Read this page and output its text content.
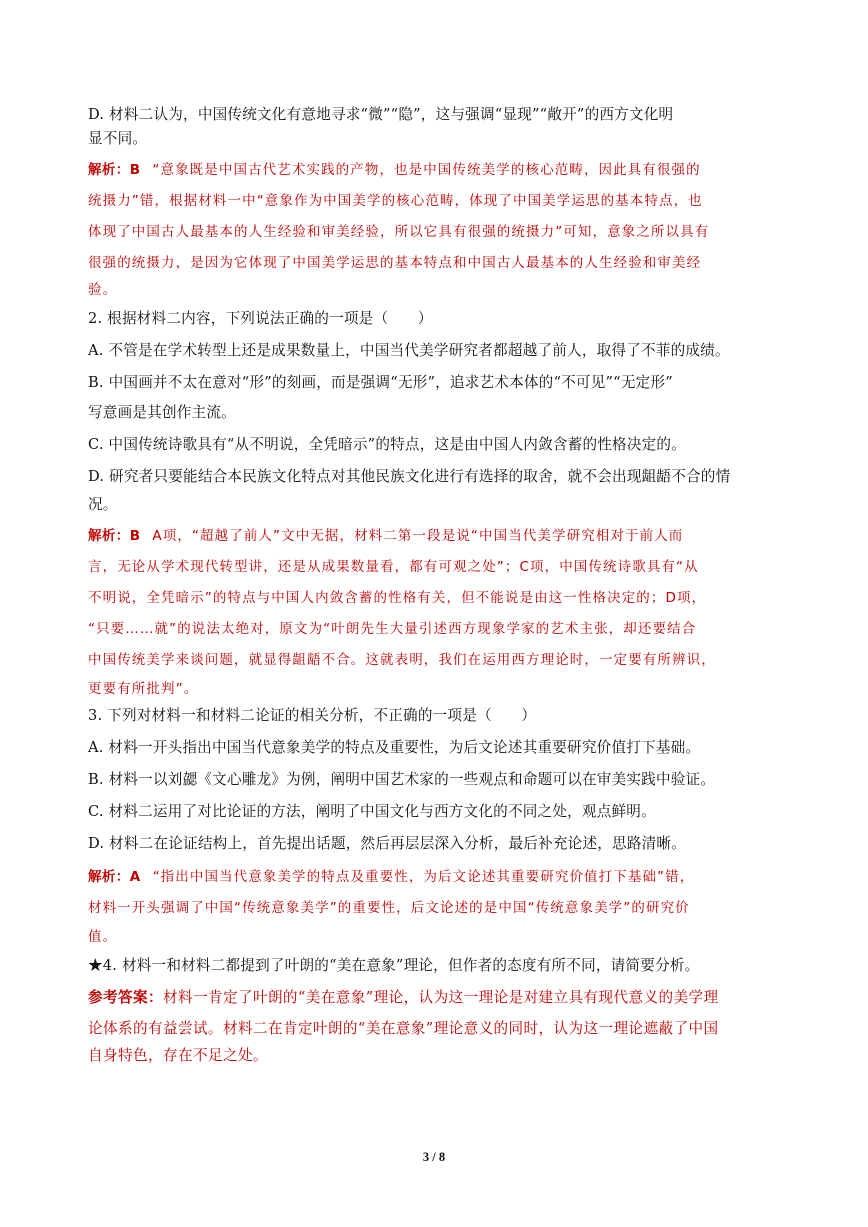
D. 材料二认为，中国传统文化有意地寻求“微”“隐”，这与强调“显现”“敞开”的西方文化明

显不同。

解析：B “意象既是中国古代艺术实践的产物，也是中国传统美学的核心范畴，因此具有很强的
统摄力”错，根据材料一中“意象作为中国美学的核心范畴，体现了中国美学运思的基本特点，也
体现了中国古人最基本的人生经验和审美经验，所以它具有很强的统摄力”可知，意象之所以具有
很强的统摄力，是因为它体现了中国美学运思的基本特点和中国古人最基本的人生经验和审美经
验。

2. 根据材料二内容，下列说法正确的一项是（　　）

A. 不管是在学术转型上还是成果数量上，中国当代美学研究者都超越了前人，取得了不菲的成绩。

B. 中国画并不太在意对“形”的刻画，而是强调“无形”，追求艺术本体的“不可见”“无定形”

写意画是其创作主流。

C. 中国传统诗歌具有“从不明说，全凭暗示”的特点，这是由中国人内敛含蓄的性格决定的。

D. 研究者只要能结合本民族文化特点对其他民族文化进行有选择的取舍，就不会出现龃龉不合的情

况。

解析：B A项，“超越了前人”文中无据，材料二第一段是说“中国当代美学研究相对于前人而
言，无论从学术现代转型讲，还是从成果数量看，都有可观之处”；C项，中国传统诗歌具有“从
不明说，全凭暗示”的特点与中国人内敛含蓄的性格有关，但不能说是由这一性格决定的；D项，
“只要……就”的说法太绝对，原文为“叶朗先生大量引述西方现象学家的艺术主张，却还要结合
中国传统美学来谈问题，就显得龃龉不合。这就表明，我们在运用西方理论时，一定要有所辨识，
更要有所批判”。

3. 下列对材料一和材料二论证的相关分析，不正确的一项是（　　）

A. 材料一开头指出中国当代意象美学的特点及重要性，为后文论述其重要研究价值打下基础。

B. 材料一以刘勰《文心雕龙》为例，阐明中国艺术家的一些观点和命题可以在审美实践中验证。

C. 材料二运用了对比论证的方法，阐明了中国文化与西方文化的不同之处，观点鲜明。

D. 材料二在论证结构上，首先提出话题，然后再层层深入分析，最后补充论述，思路清晰。

解析：A “指出中国当代意象美学的特点及重要性，为后文论述其重要研究价值打下基础”错，
材料一开头强调了中国“传统意象美学”的重要性，后文论述的是中国“传统意象美学”的研究价
值。

★4. 材料一和材料二都提到了叶朗的“美在意象”理论，但作者的态度有所不同，请简要分析。

参考答案：材料一肯定了叶朗的“美在意象”理论，认为这一理论是对建立具有现代意义的美学理
论体系的有益尝试。材料二在肯定叶朗的“美在意象”理论意义的同时，认为这一理论遮蔽了中国
自身特色，存在不足之处。
3 / 8
